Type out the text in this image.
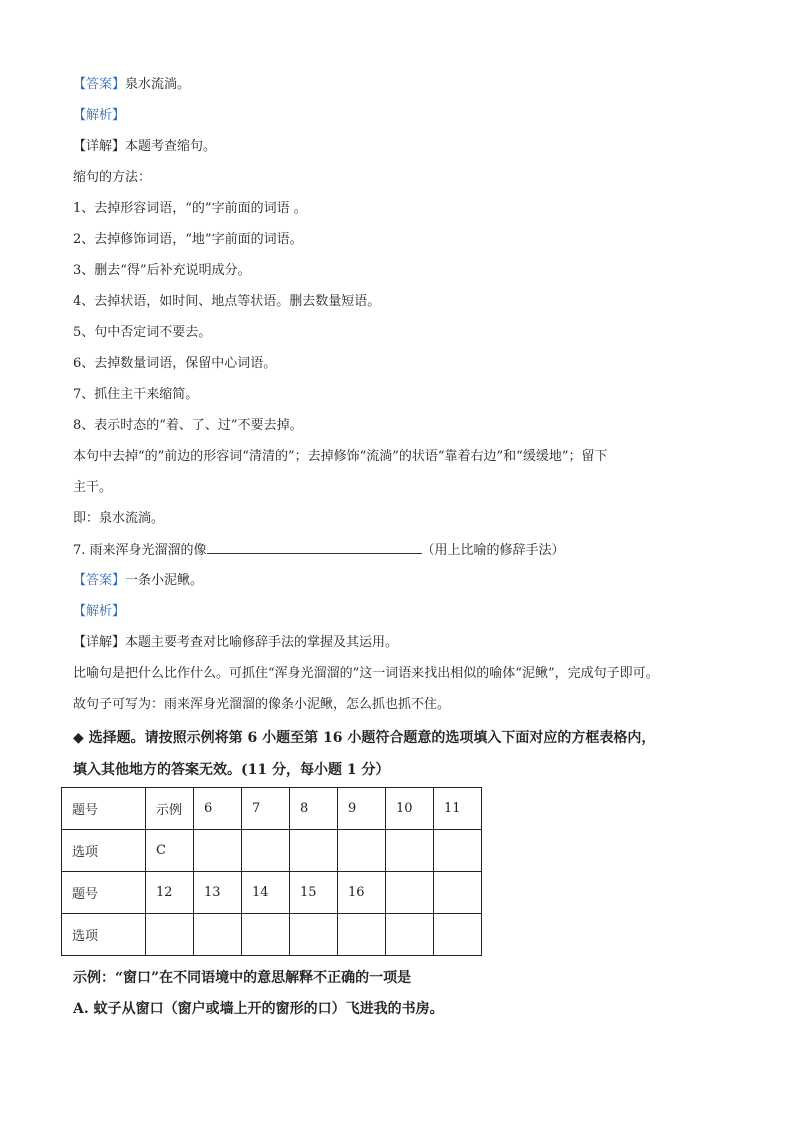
【答案】泉水流淌。
【解析】
【详解】本题考查缩句。
缩句的方法：
1、去掉形容词语，“的”字前面的词语 。
2、去掉修饰词语，“地”字前面的词语。
3、删去“得”后补充说明成分。
4、去掉状语，如时间、地点等状语。删去数量短语。
5、句中否定词不要去。
6、去掉数量词语，保留中心词语。
7、抓住主干来缩简。
8、表示时态的“着、了、过”不要去掉。
本句中去掉“的”前边的形容词“清清的”；去掉修饰“流淌”的状语“靠着右边”和“缓缓地”；留下
主干。
即：泉水流淌。
7. 雨来浑身光溜溜的像	（用上比喻的修辞手法）
【答案】一条小泥鳅。
【解析】
【详解】本题主要考查对比喻修辞手法的掌握及其运用。
比喻句是把什么比作什么。可抓住“浑身光溜溜的”这一词语来找出相似的喻体“泥鳅”，完成句子即可。
故句子可写为：雨来浑身光溜溜的像条小泥鳅，怎么抓也抓不住。
◆ 选择题。请按照示例将第 6 小题至第 16 小题符合题意的选项填入下面对应的方框表格内，
填入其他地方的答案无效。(11 分，每小题 1 分）
题号	示例	6	7	8	9	10	11
选项	C						
题号	12	13	14	15	16		
选项							
示例：“窗口”在不同语境中的意思解释不正确的一项是
A. 蚊子从窗口（窗户或墙上开的窗形的口）飞进我的书房。
